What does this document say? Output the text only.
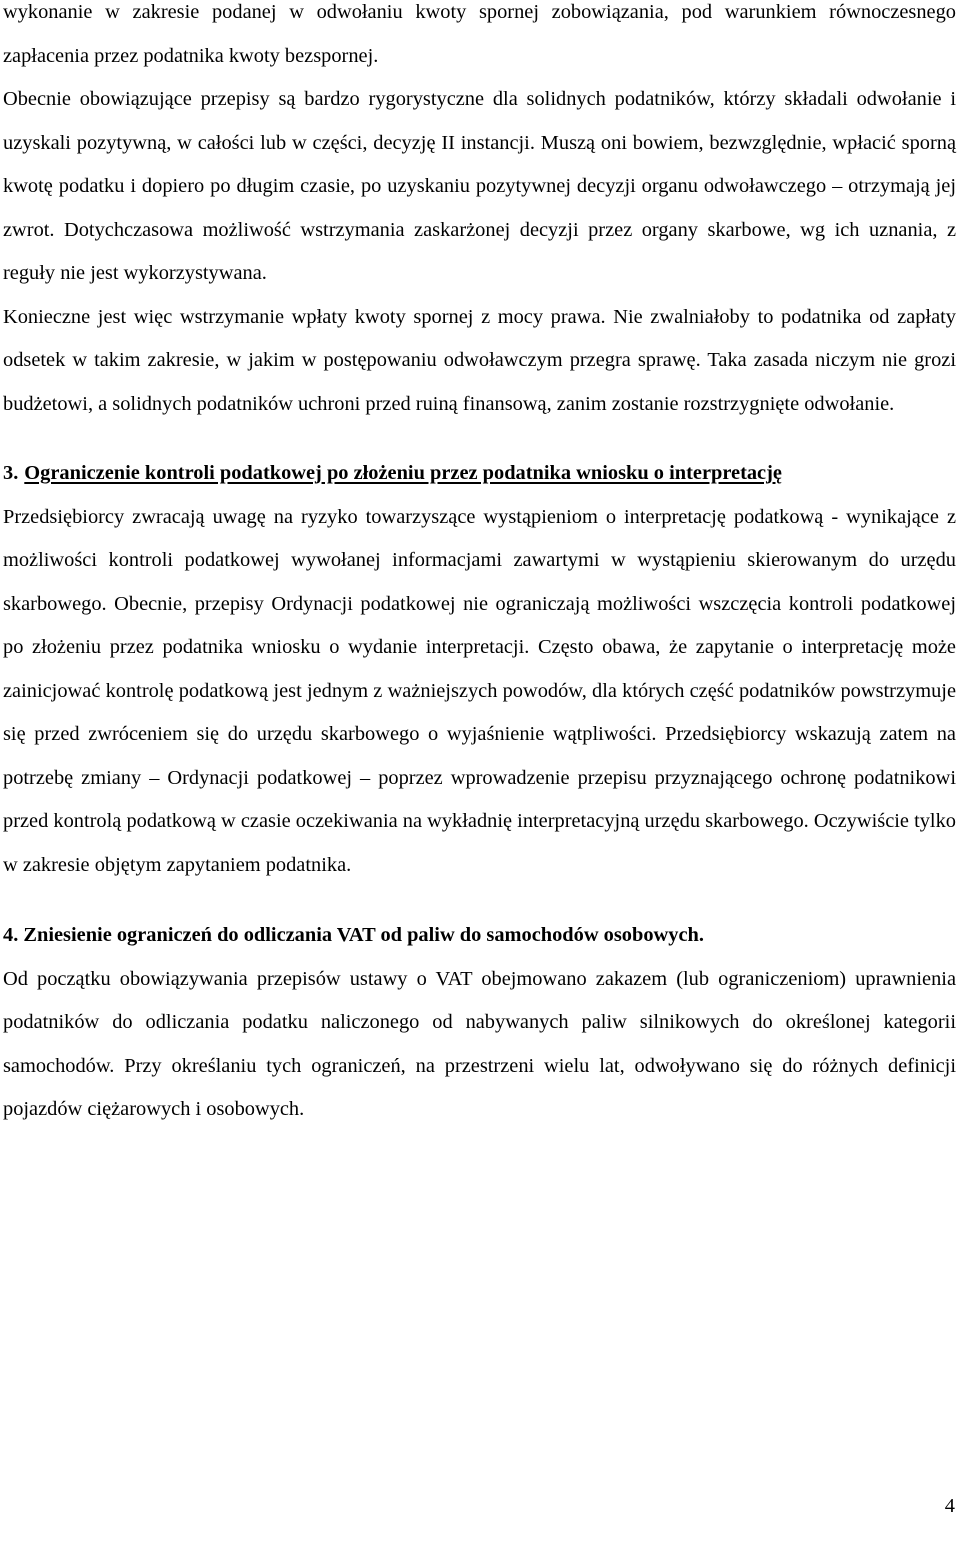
wykonanie w zakresie podanej w odwołaniu kwoty spornej zobowiązania, pod warunkiem równoczesnego zapłacenia przez podatnika kwoty bezspornej.

Obecnie obowiązujące przepisy są bardzo rygorystyczne dla solidnych podatników, którzy składali odwołanie i uzyskali pozytywną, w całości lub w części, decyzję II instancji. Muszą oni bowiem, bezwzględnie, wpłacić sporną kwotę podatku i dopiero po długim czasie, po uzyskaniu pozytywnej decyzji organu odwoławczego – otrzymają jej zwrot. Dotychczasowa możliwość wstrzymania zaskarżonej decyzji przez organy skarbowe, wg ich uznania, z reguły nie jest wykorzystywana.

Konieczne jest więc wstrzymanie wpłaty kwoty spornej z mocy prawa. Nie zwalniałoby to podatnika od zapłaty odsetek w takim zakresie, w jakim w postępowaniu odwoławczym przegra sprawę. Taka zasada niczym nie grozi budżetowi, a solidnych podatników uchroni przed ruiną finansową, zanim zostanie rozstrzygnięte odwołanie.

3. Ograniczenie kontroli podatkowej po złożeniu przez podatnika wniosku o interpretację

Przedsiębiorcy zwracają uwagę na ryzyko towarzyszące wystąpieniom o interpretację podatkową - wynikające z możliwości kontroli podatkowej wywołanej informacjami zawartymi w wystąpieniu skierowanym do urzędu skarbowego. Obecnie, przepisy Ordynacji podatkowej nie ograniczają możliwości wszczęcia kontroli podatkowej po złożeniu przez podatnika wniosku o wydanie interpretacji. Często obawa, że zapytanie o interpretację może zainicjować kontrolę podatkową jest jednym z ważniejszych powodów, dla których część podatników powstrzymuje się przed zwróceniem się do urzędu skarbowego o wyjaśnienie wątpliwości. Przedsiębiorcy wskazują zatem na potrzebę zmiany – Ordynacji podatkowej – poprzez wprowadzenie przepisu przyznającego ochronę podatnikowi przed kontrolą podatkową w czasie oczekiwania na wykładnię interpretacyjną urzędu skarbowego. Oczywiście tylko w zakresie objętym zapytaniem podatnika.

4. Zniesienie ograniczeń do odliczania VAT od paliw do samochodów osobowych.

Od początku obowiązywania przepisów ustawy o VAT obejmowano zakazem (lub ograniczeniom) uprawnienia podatników do odliczania podatku naliczonego od nabywanych paliw silnikowych do określonej kategorii samochodów. Przy określaniu tych ograniczeń, na przestrzeni wielu lat, odwoływano się do różnych definicji pojazdów ciężarowych i osobowych.

4
